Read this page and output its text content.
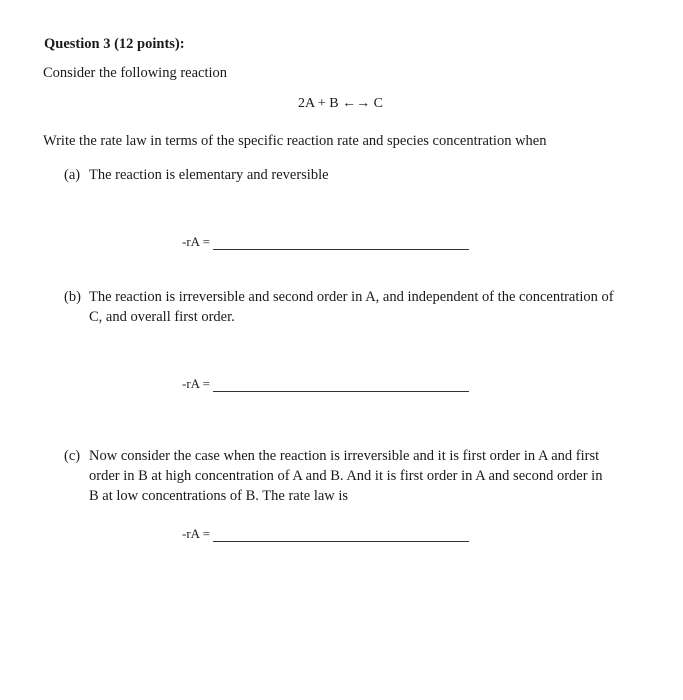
Question 3 (12 points):
Consider the following reaction
2A + B ←→ C
Write the rate law in terms of the specific reaction rate and species concentration when
(a) The reaction is elementary and reversible
-rA =
(b) The reaction is irreversible and second order in A, and independent of the concentration of
C, and overall first order.
-rA =
(c) Now consider the case when the reaction is irreversible and it is first order in A and first
order in B at high concentration of A and B. And it is first order in A and second order in
B at low concentrations of B. The rate law is
-rA =
